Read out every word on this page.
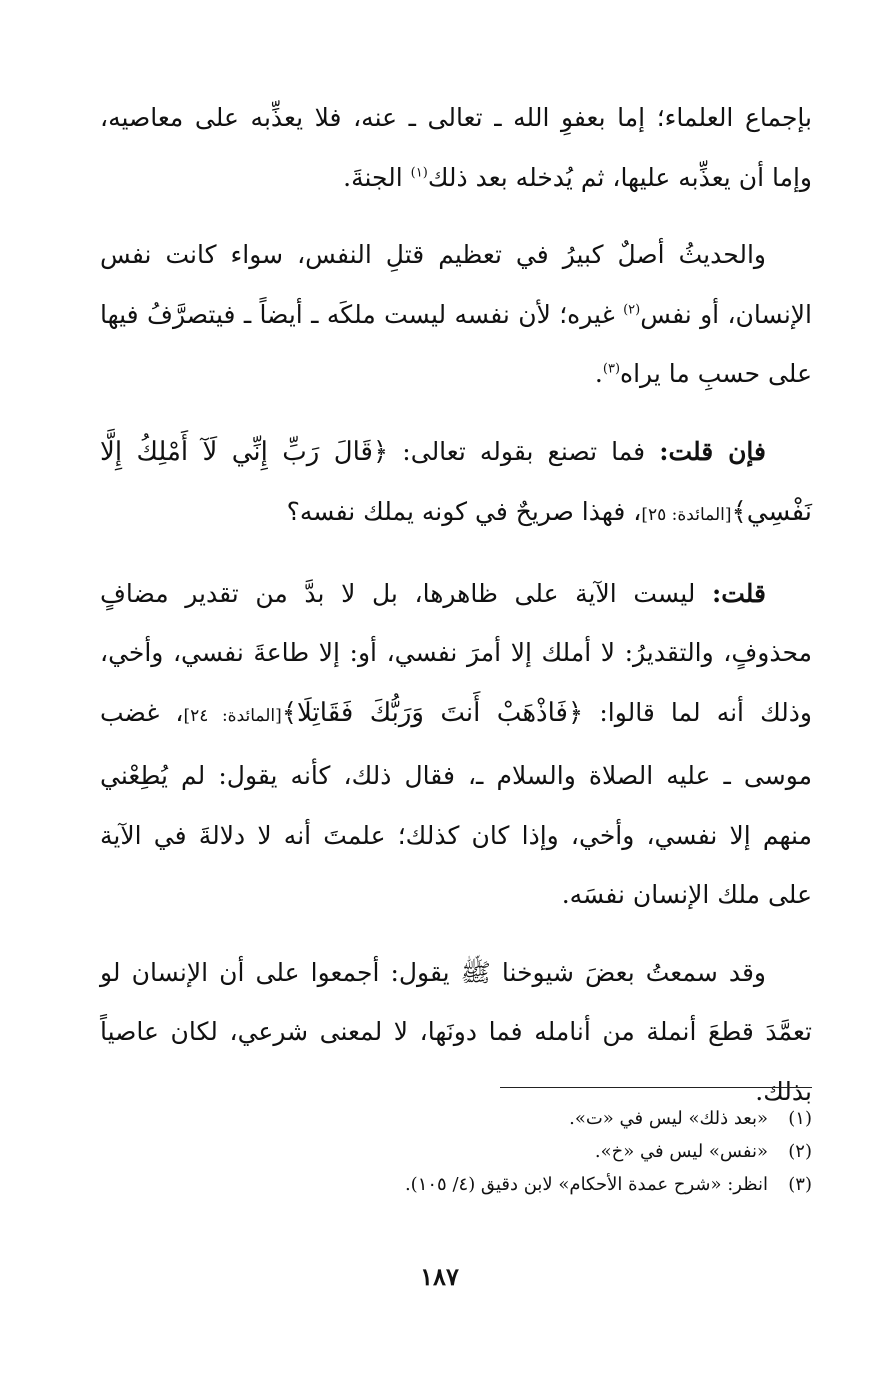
بإجماع العلماء؛ إما بعفوِ الله ـ تعالى ـ عنه، فلا يعذِّبه على معاصيه، وإما أن يعذِّبه عليها، ثم يُدخله بعد ذلك$^{(١)}$ الجنةَ.

والحديثُ أصلٌ كبيرُ في تعظيم قتلِ النفس، سواء كانت نفس الإنسان، أو نفس$^{(٢)}$ غيره؛ لأن نفسه ليست ملكَه ـ أيضاً ـ فيتصرَّفُ فيها على حسبِ ما يراه$^{(٣)}$.

فإن قلت: فما تصنع بقوله تعالى: ﴿قَالَ رَبِّ إِنِّي لَآ أَمْلِكُ إِلَّا نَفْسِي﴾[المائدة: ٢٥]، فهذا صريحٌ في كونه يملك نفسه؟

قلت: ليست الآية على ظاهرها، بل لا بدَّ من تقدير مضافٍ محذوفٍ، والتقديرُ: لا أملك إلا أمرَ نفسي، أو: إلا طاعةَ نفسي، وأخي، وذلك أنه لما قالوا: ﴿فَاذْهَبْ أَنتَ وَرَبُّكَ فَقَاتِلَا﴾[المائدة: ٢٤]، غضب موسى ـ عليه الصلاة والسلام ـ، فقال ذلك، كأنه يقول: لم يُطِعْني منهم إلا نفسي، وأخي، وإذا كان كذلك؛ علمتَ أنه لا دلالةَ في الآية على ملك الإنسان نفسَه.

وقد سمعتُ بعضَ شيوخنا ﷺ يقول: أجمعوا على أن الإنسان لو تعمَّدَ قطعَ أنملة من أنامله فما دونَها، لا لمعنى شرعي، لكان عاصياً بذلك.

(١)«بعد ذلك» ليس في «ت».
(٢)«نفس» ليس في «خ».
(٣)انظر: «شرح عمدة الأحكام» لابن دقيق (٤/ ١٠٥).
١٨٧
